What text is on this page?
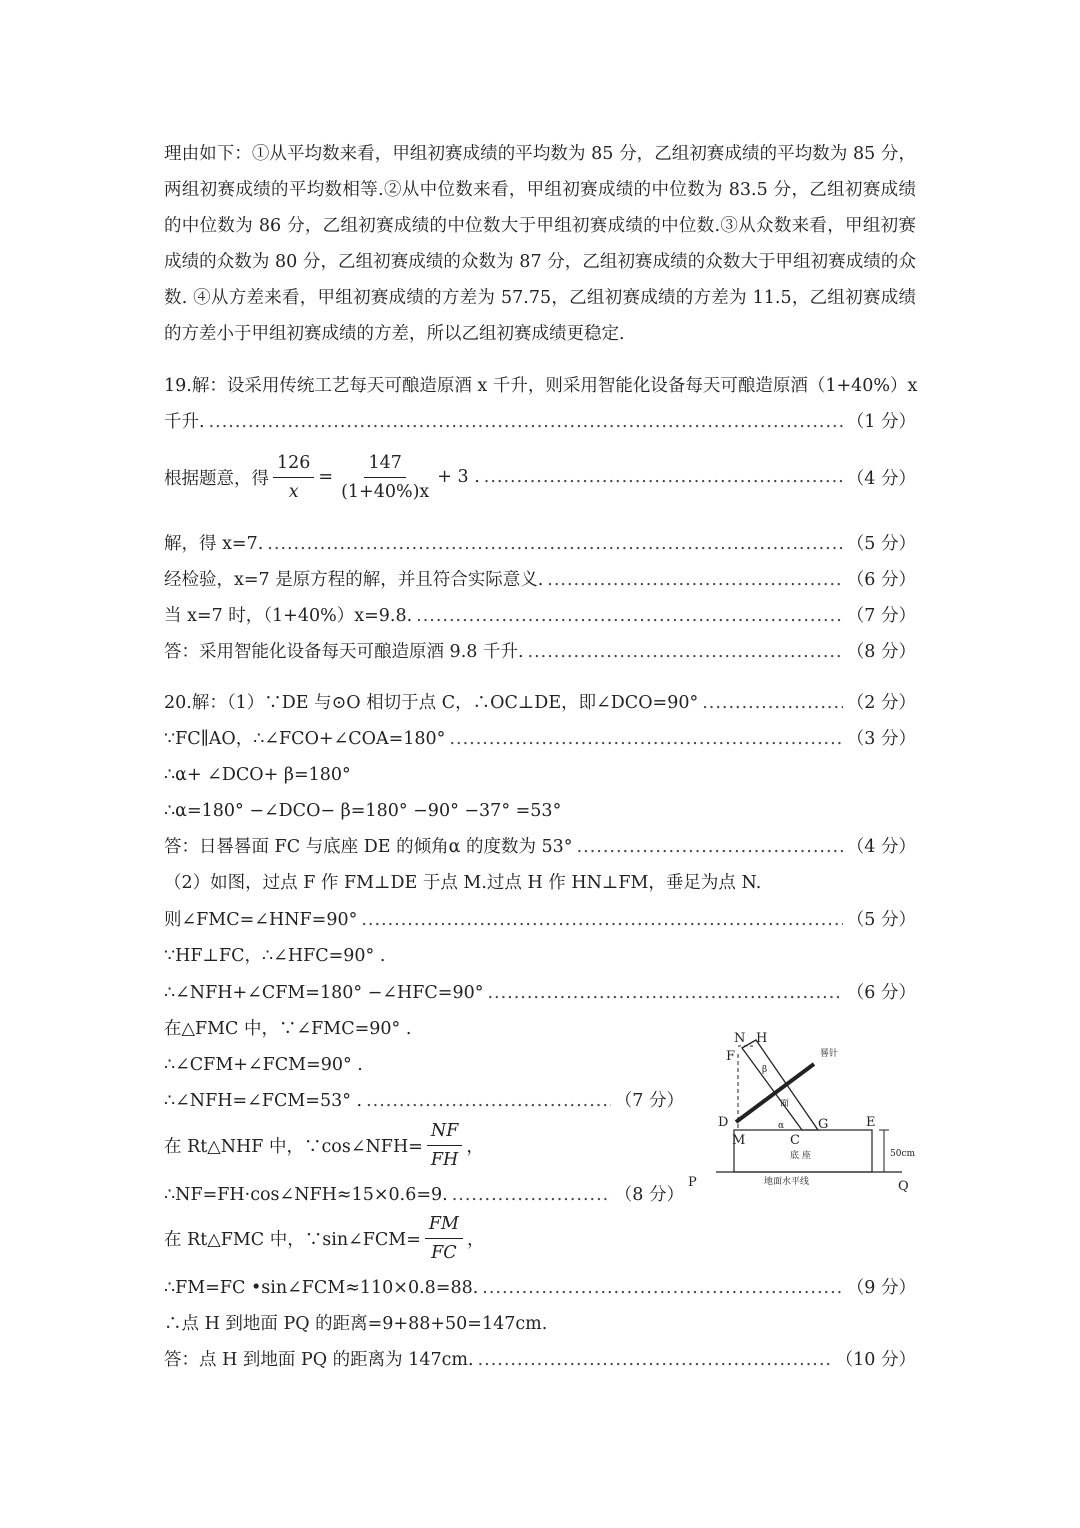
理由如下：①从平均数来看，甲组初赛成绩的平均数为 85 分，乙组初赛成绩的平均数为 85 分，两组初赛成绩的平均数相等.②从中位数来看，甲组初赛成绩的中位数为 83.5 分，乙组初赛成绩的中位数为 86 分，乙组初赛成绩的中位数大于甲组初赛成绩的中位数.③从众数来看，甲组初赛成绩的众数为 80 分，乙组初赛成绩的众数为 87 分，乙组初赛成绩的众数大于甲组初赛成绩的众数. ④从方差来看，甲组初赛成绩的方差为 57.75，乙组初赛成绩的方差为 11.5，乙组初赛成绩的方差小于甲组初赛成绩的方差，所以乙组初赛成绩更稳定.
19.解：设采用传统工艺每天可酿造原酒 x 千升，则采用智能化设备每天可酿造原酒（1+40%）x
千升. .....	（1 分）
根据题意，得 $\frac{126}{x} = \frac{147}{(1+40\%)x} + 3$ . .....	（4 分）
解，得 x=7. .....	（5 分）
经检验，x=7 是原方程的解，并且符合实际意义. .....	（6 分）
当 x=7 时，（1+40%）x=9.8. .....	（7 分）
答：采用智能化设备每天可酿造原酒 9.8 千升. .....	（8 分）
20.解：（1）∵DE 与⊙O 相切于点 C，∴OC⊥DE，即∠DCO=90° .....	（2 分）
∵FC∥AO，∴∠FCO+∠COA=180° .....	（3 分）
∴α+ ∠DCO+ β=180°
∴α=180° −∠DCO− β=180° −90° −37° =53°
答：日晷晷面 FC 与底座 DE 的倾角α 的度数为 53° .....	（4 分）
（2）如图，过点 F 作 FM⊥DE 于点 M.过点 H 作 HN⊥FM，垂足为点 N.
则∠FMC=∠HNF=90° .....	（5 分）
∵HF⊥FC，∴∠HFC=90° .
∴∠NFH+∠CFM=180° −∠HFC=90° .....	（6 分）
在△FMC 中，∵∠FMC=90° .
∴∠CFM+∠FCM=90° .
∴∠NFH=∠FCM=53° . .....	（7 分）
在 Rt△NHF 中，∵cos∠NFH= $\frac{NF}{FH}$ ，
∴NF=FH·cos∠NFH≈15×0.6=9. .....	（8 分）
在 Rt△FMC 中，∵sin∠FCM= $\frac{FM}{FC}$ ，
∴FM=FC •sin∠FCM≈110×0.8=88. .....	（9 分）
∴点 H 到地面 PQ 的距离=9+88+50=147cm.
答：点 H 到地面 PQ 的距离为 147cm. .....	（10 分）
N H
F
D
M	C
G	E
P	Q
α
β
面
晷针
底 座
地面水平线
50cm
